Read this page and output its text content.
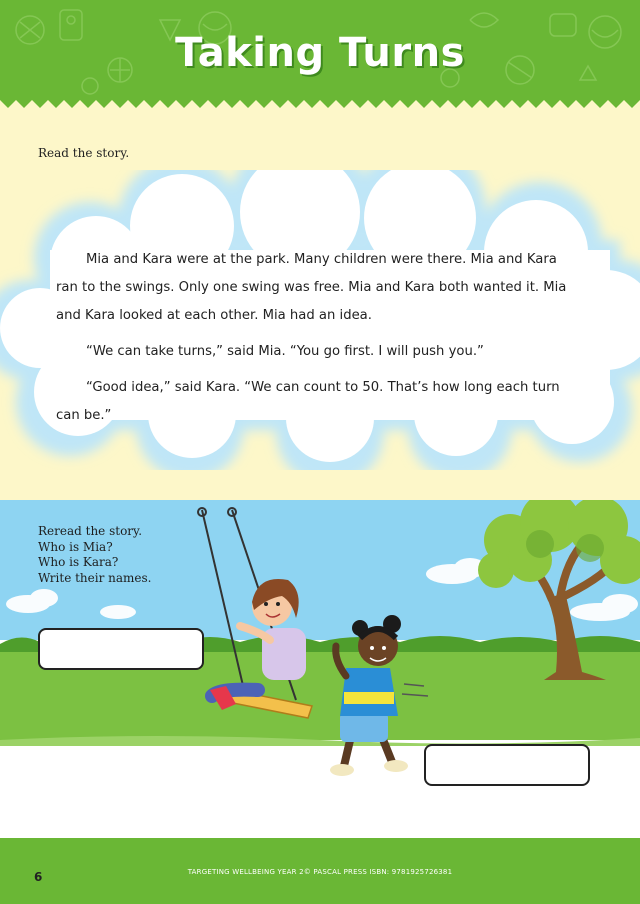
Taking Turns
Read the story.

Mia and Kara were at the park. Many children were there. Mia and Kara ran to the swings. Only one swing was free. Mia and Kara both wanted it. Mia and Kara looked at each other. Mia had an idea.

“We can take turns,” said Mia. “You go first. I will push you.”

“Good idea,” said Kara. “We can count to 50. That’s how long each turn can be.”

Reread the story.
Who is Mia?
Who is Kara?
Write their names.
6	TARGETING WELLBEING YEAR 2© PASCAL PRESS ISBN: 9781925726381
